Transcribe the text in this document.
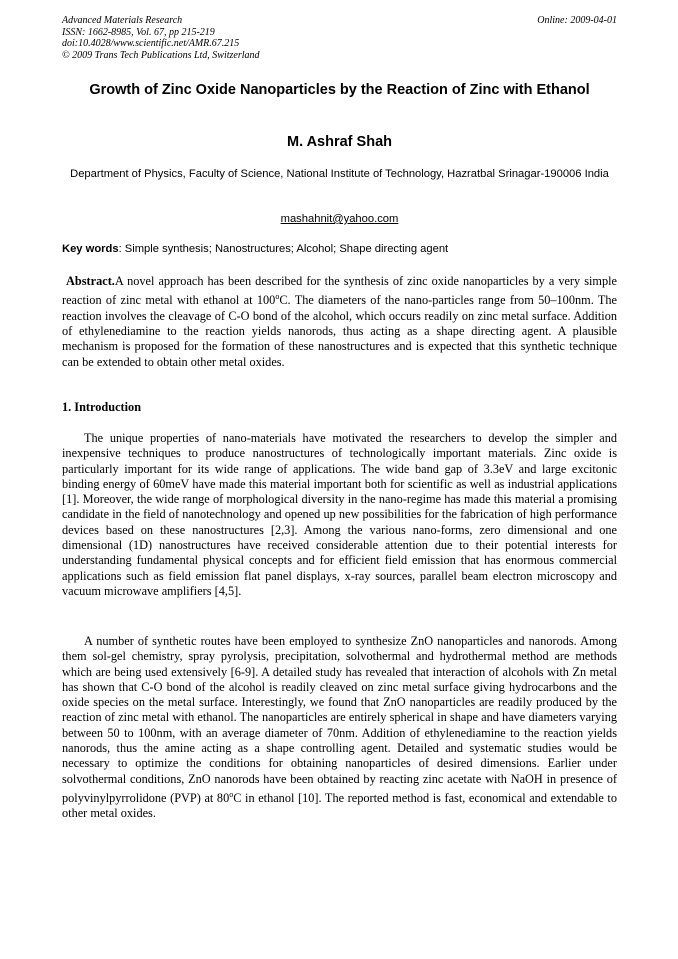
Advanced Materials Research
ISSN: 1662-8985, Vol. 67, pp 215-219
doi:10.4028/www.scientific.net/AMR.67.215
© 2009 Trans Tech Publications Ltd, Switzerland
Online: 2009-04-01
Growth of Zinc Oxide Nanoparticles by the Reaction of Zinc with Ethanol
M. Ashraf Shah
Department of Physics, Faculty of Science, National Institute of Technology, Hazratbal Srinagar-190006 India
mashahnit@yahoo.com
Key words: Simple synthesis; Nanostructures; Alcohol; Shape directing agent
Abstract.A novel approach has been described for the synthesis of zinc oxide nanoparticles by a very simple reaction of zinc metal with ethanol at 100$^o$C. The diameters of the nano-particles range from 50–100nm. The reaction involves the cleavage of C-O bond of the alcohol, which occurs readily on zinc metal surface. Addition of ethylenediamine to the reaction yields nanorods, thus acting as a shape directing agent. A plausible mechanism is proposed for the formation of these nanostructures and is expected that this synthetic technique can be extended to obtain other metal oxides.
1. Introduction
The unique properties of nano-materials have motivated the researchers to develop the simpler and inexpensive techniques to produce nanostructures of technologically important materials. Zinc oxide is particularly important for its wide range of applications. The wide band gap of 3.3eV and large excitonic binding energy of 60meV have made this material important both for scientific as well as industrial applications [1]. Moreover, the wide range of morphological diversity in the nano-regime has made this material a promising candidate in the field of nanotechnology and opened up new possibilities for the fabrication of high performance devices based on these nanostructures [2,3]. Among the various nano-forms, zero dimensional and one dimensional (1D) nanostructures have received considerable attention due to their potential interests for understanding fundamental physical concepts and for efficient field emission that has enormous commercial applications such as field emission flat panel displays, x-ray sources, parallel beam electron microscopy and vacuum microwave amplifiers [4,5].
A number of synthetic routes have been employed to synthesize ZnO nanoparticles and nanorods. Among them sol-gel chemistry, spray pyrolysis, precipitation, solvothermal and hydrothermal method are methods which are being used extensively [6-9]. A detailed study has revealed that interaction of alcohols with Zn metal has shown that C-O bond of the alcohol is readily cleaved on zinc metal surface giving hydrocarbons and the oxide species on the metal surface. Interestingly, we found that ZnO nanoparticles are readily produced by the reaction of zinc metal with ethanol. The nanoparticles are entirely spherical in shape and have diameters varying between 50 to 100nm, with an average diameter of 70nm. Addition of ethylenediamine to the reaction yields nanorods, thus the amine acting as a shape controlling agent. Detailed and systematic studies would be necessary to optimize the conditions for obtaining nanoparticles of desired dimensions. Earlier under solvothermal conditions, ZnO nanorods have been obtained by reacting zinc acetate with NaOH in presence of polyvinylpyrrolidone (PVP) at 80$^o$C in ethanol [10]. The reported method is fast, economical and extendable to other metal oxides.
